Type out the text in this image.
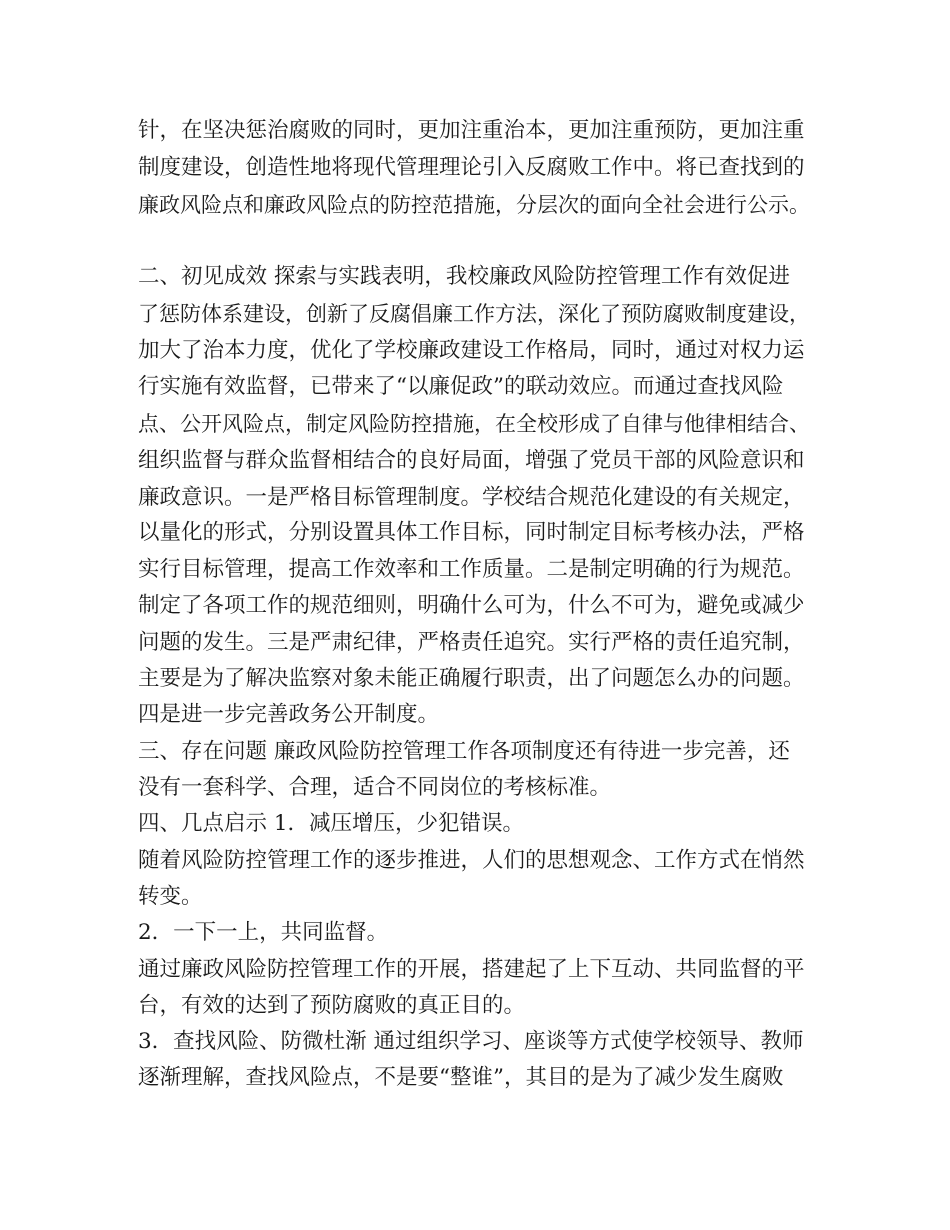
针，在坚决惩治腐败的同时，更加注重治本，更加注重预防，更加注重

制度建设，创造性地将现代管理理论引入反腐败工作中。将已查找到的

廉政风险点和廉政风险点的防控范措施，分层次的面向全社会进行公示。

二、初见成效 探索与实践表明，我校廉政风险防控管理工作有效促进

了惩防体系建设，创新了反腐倡廉工作方法，深化了预防腐败制度建设，

加大了治本力度，优化了学校廉政建设工作格局，同时，通过对权力运

行实施有效监督，已带来了“以廉促政”的联动效应。而通过查找风险

点、公开风险点，制定风险防控措施，在全校形成了自律与他律相结合、

组织监督与群众监督相结合的良好局面，增强了党员干部的风险意识和

廉政意识。一是严格目标管理制度。学校结合规范化建设的有关规定，

以量化的形式，分别设置具体工作目标，同时制定目标考核办法，严格

实行目标管理，提高工作效率和工作质量。二是制定明确的行为规范。

制定了各项工作的规范细则，明确什么可为，什么不可为，避免或减少

问题的发生。三是严肃纪律，严格责任追究。实行严格的责任追究制，

主要是为了解决监察对象未能正确履行职责，出了问题怎么办的问题。

四是进一步完善政务公开制度。

三、存在问题 廉政风险防控管理工作各项制度还有待进一步完善，还

没有一套科学、合理，适合不同岗位的考核标准。

四、几点启示 1．减压增压，少犯错误。

随着风险防控管理工作的逐步推进，人们的思想观念、工作方式在悄然

转变。

2．一下一上，共同监督。

通过廉政风险防控管理工作的开展，搭建起了上下互动、共同监督的平

台，有效的达到了预防腐败的真正目的。

3．查找风险、防微杜渐 通过组织学习、座谈等方式使学校领导、教师

逐渐理解，查找风险点，不是要“整谁”，其目的是为了减少发生腐败
